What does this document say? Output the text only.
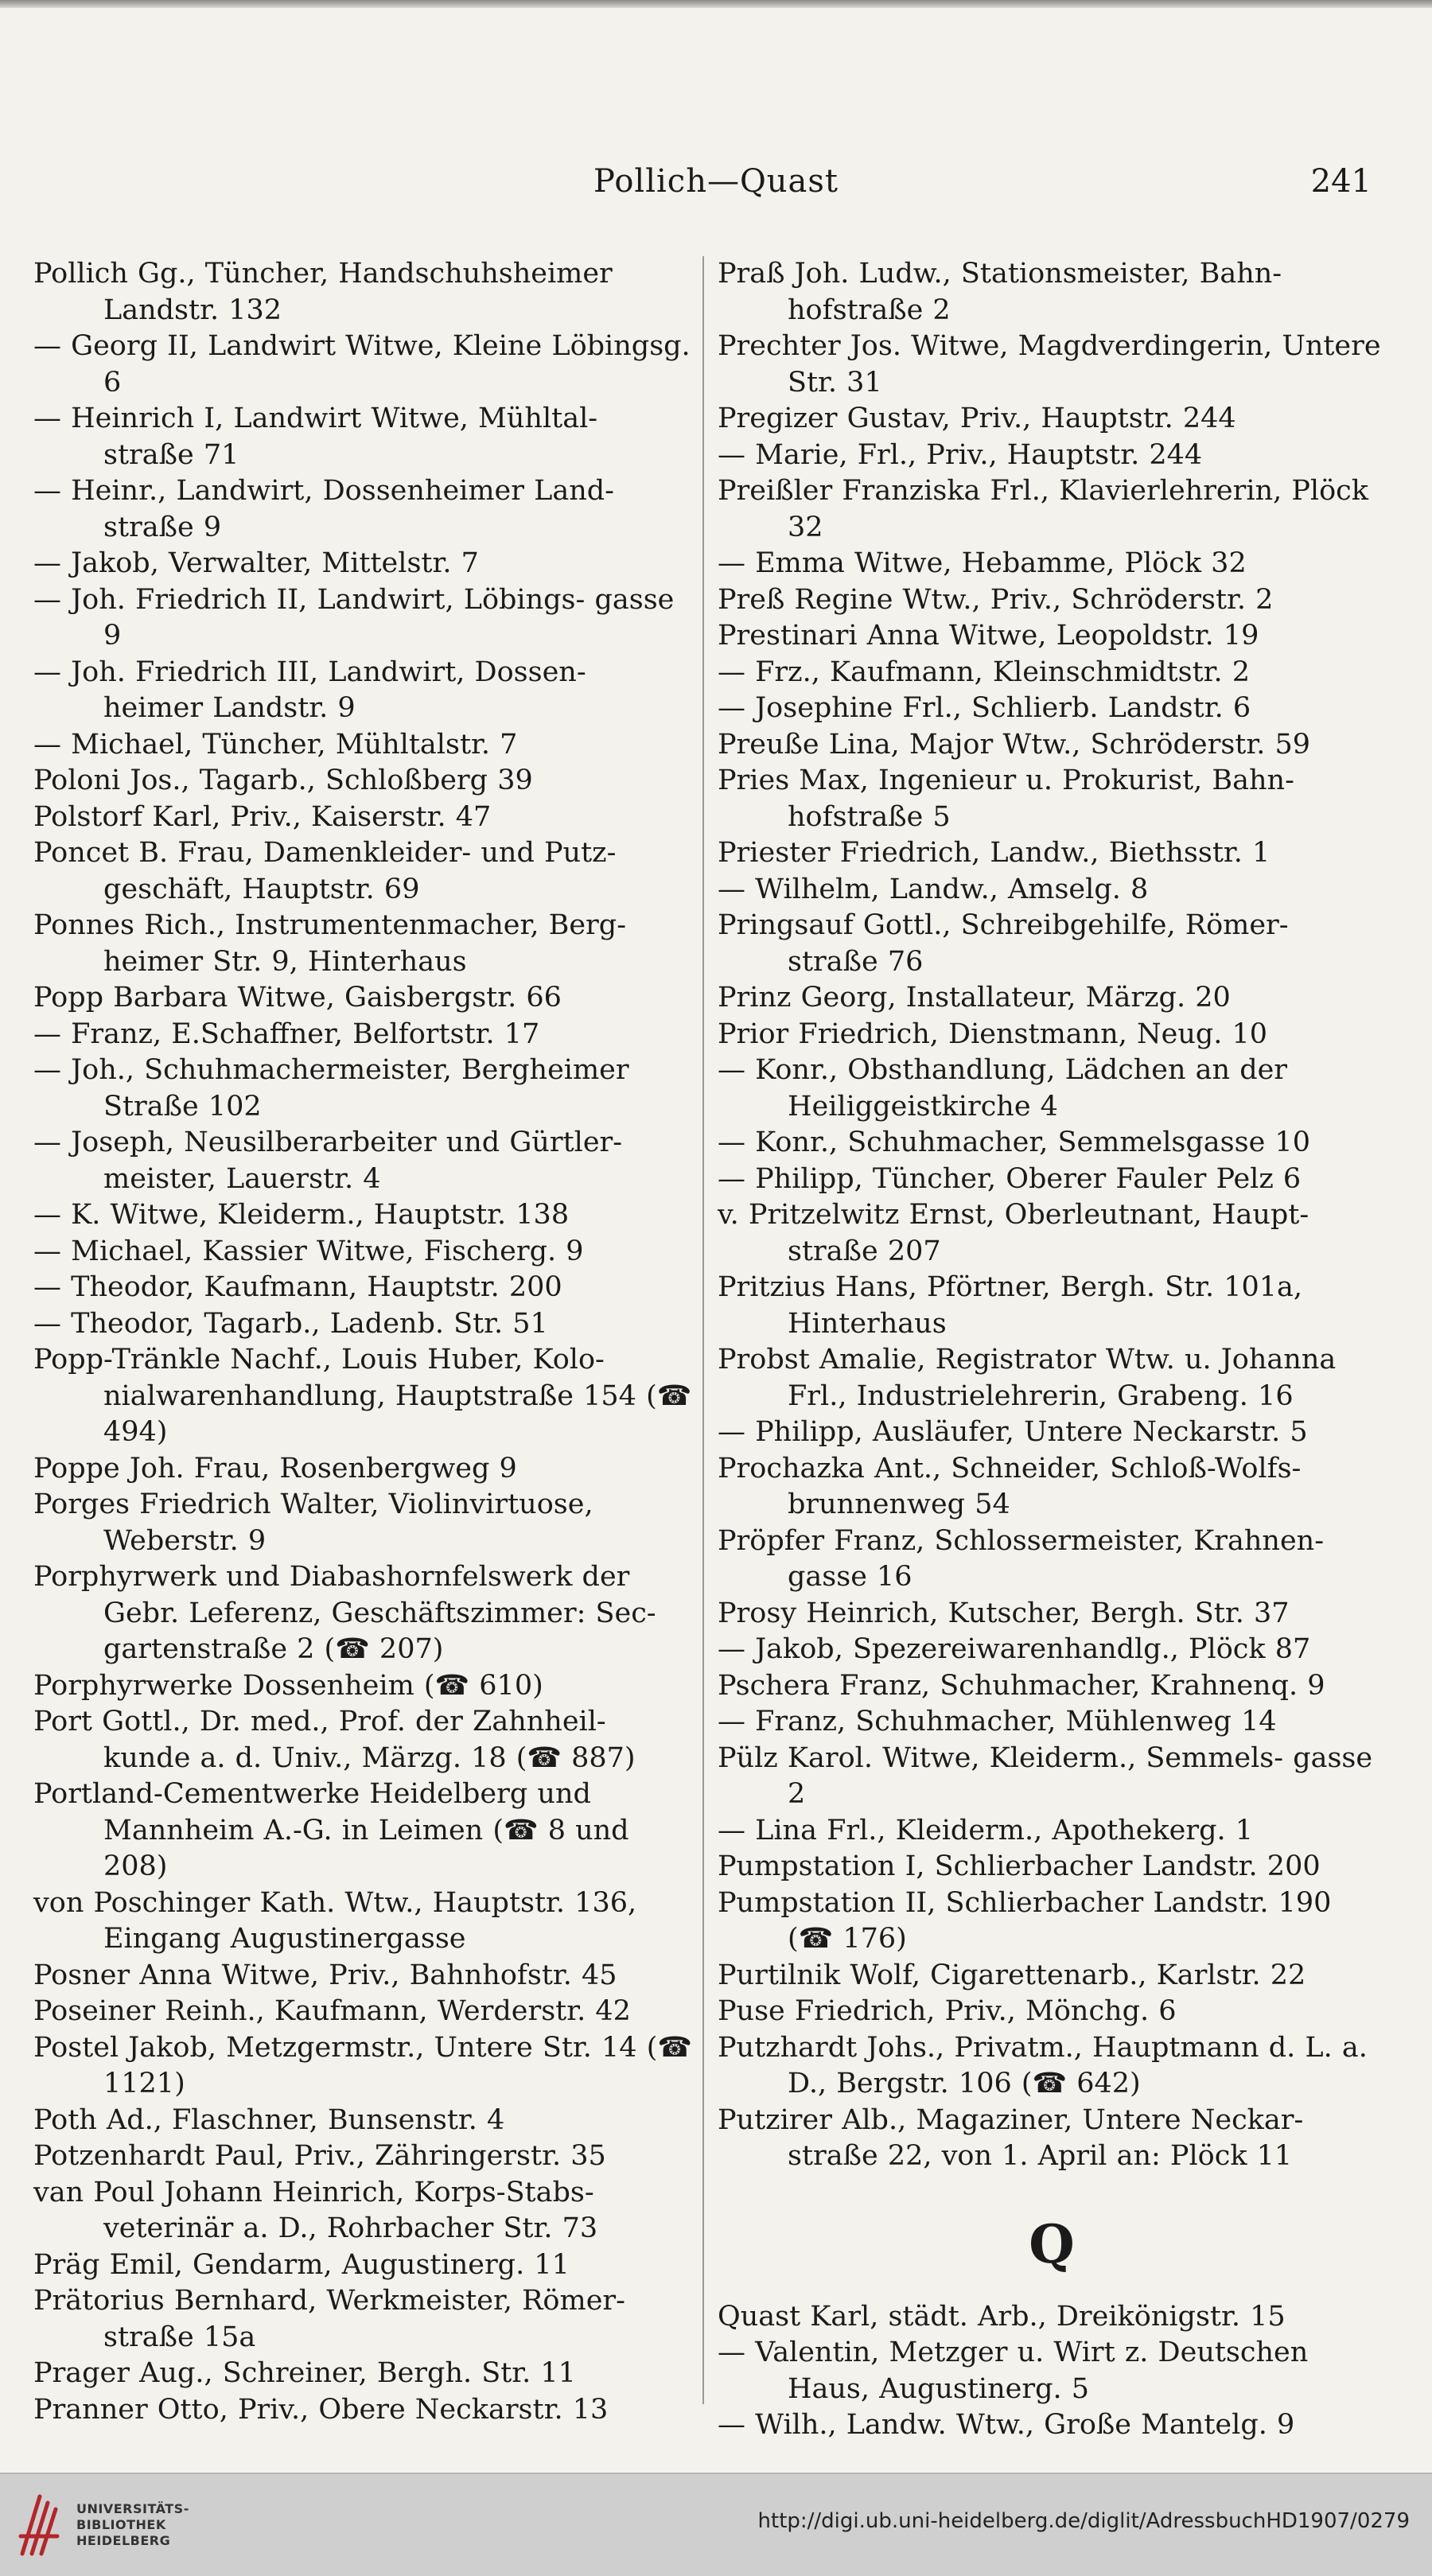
Pollich—Quast	241
Pollich Gg., Tüncher, Handschuhsheimer Landstr. 132
— Georg II, Landwirt Witwe, Kleine Löbingsg. 6
— Heinrich I, Landwirt Witwe, Mühltal- straße 71
— Heinr., Landwirt, Dossenheimer Land- straße 9
— Jakob, Verwalter, Mittelstr. 7
— Joh. Friedrich II, Landwirt, Löbings- gasse 9
— Joh. Friedrich III, Landwirt, Dossen- heimer Landstr. 9
— Michael, Tüncher, Mühltalstr. 7
Poloni Jos., Tagarb., Schloßberg 39
Polstorf Karl, Priv., Kaiserstr. 47
Poncet B. Frau, Damenkleider- und Putz- geschäft, Hauptstr. 69
Ponnes Rich., Instrumentenmacher, Berg- heimer Str. 9, Hinterhaus
Popp Barbara Witwe, Gaisbergstr. 66
— Franz, E.Schaffner, Belfortstr. 17
— Joh., Schuhmachermeister, Bergheimer Straße 102
— Joseph, Neusilberarbeiter und Gürtler- meister, Lauerstr. 4
— K. Witwe, Kleiderm., Hauptstr. 138
— Michael, Kassier Witwe, Fischerg. 9
— Theodor, Kaufmann, Hauptstr. 200
— Theodor, Tagarb., Ladenb. Str. 51
Popp-Tränkle Nachf., Louis Huber, Kolo- nialwarenhandlung, Hauptstraße 154 (☎ 494)
Poppe Joh. Frau, Rosenbergweg 9
Porges Friedrich Walter, Violinvirtuose, Weberstr. 9
Porphyrwerk und Diabashornfelswerk der Gebr. Leferenz, Geschäftszimmer: Sec- gartenstraße 2 (☎ 207)
Porphyrwerke Dossenheim (☎ 610)
Port Gottl., Dr. med., Prof. der Zahnheil- kunde a. d. Univ., Märzg. 18 (☎ 887)
Portland-Cementwerke Heidelberg und Mannheim A.-G. in Leimen (☎ 8 und 208)
von Poschinger Kath. Wtw., Hauptstr. 136, Eingang Augustinergasse
Posner Anna Witwe, Priv., Bahnhofstr. 45
Poseiner Reinh., Kaufmann, Werderstr. 42
Postel Jakob, Metzgermstr., Untere Str. 14 (☎ 1121)
Poth Ad., Flaschner, Bunsenstr. 4
Potzenhardt Paul, Priv., Zähringerstr. 35
van Poul Johann Heinrich, Korps-Stabs- veterinär a. D., Rohrbacher Str. 73
Präg Emil, Gendarm, Augustinerg. 11
Prätorius Bernhard, Werkmeister, Römer- straße 15a
Prager Aug., Schreiner, Bergh. Str. 11
Pranner Otto, Priv., Obere Neckarstr. 13
Praß Joh. Ludw., Stationsmeister, Bahn- hofstraße 2
Prechter Jos. Witwe, Magdverdingerin, Untere Str. 31
Pregizer Gustav, Priv., Hauptstr. 244
— Marie, Frl., Priv., Hauptstr. 244
Preißler Franziska Frl., Klavierlehrerin, Plöck 32
— Emma Witwe, Hebamme, Plöck 32
Preß Regine Wtw., Priv., Schröderstr. 2
Prestinari Anna Witwe, Leopoldstr. 19
— Frz., Kaufmann, Kleinschmidtstr. 2
— Josephine Frl., Schlierb. Landstr. 6
Preuße Lina, Major Wtw., Schröderstr. 59
Pries Max, Ingenieur u. Prokurist, Bahn- hofstraße 5
Priester Friedrich, Landw., Biethsstr. 1
— Wilhelm, Landw., Amselg. 8
Pringsauf Gottl., Schreibgehilfe, Römer- straße 76
Prinz Georg, Installateur, Märzg. 20
Prior Friedrich, Dienstmann, Neug. 10
— Konr., Obsthandlung, Lädchen an der Heiliggeistkirche 4
— Konr., Schuhmacher, Semmelsgasse 10
— Philipp, Tüncher, Oberer Fauler Pelz 6
v. Pritzelwitz Ernst, Oberleutnant, Haupt- straße 207
Pritzius Hans, Pförtner, Bergh. Str. 101a, Hinterhaus
Probst Amalie, Registrator Wtw. u. Johanna Frl., Industrielehrerin, Grabeng. 16
— Philipp, Ausläufer, Untere Neckarstr. 5
Prochazka Ant., Schneider, Schloß-Wolfs- brunnenweg 54
Pröpfer Franz, Schlossermeister, Krahnen- gasse 16
Prosy Heinrich, Kutscher, Bergh. Str. 37
— Jakob, Spezereiwarenhandlg., Plöck 87
Pschera Franz, Schuhmacher, Krahnenq. 9
— Franz, Schuhmacher, Mühlenweg 14
Pülz Karol. Witwe, Kleiderm., Semmels- gasse 2
— Lina Frl., Kleiderm., Apothekerg. 1
Pumpstation I, Schlierbacher Landstr. 200
Pumpstation II, Schlierbacher Landstr. 190 (☎ 176)
Purtilnik Wolf, Cigarettenarb., Karlstr. 22
Puse Friedrich, Priv., Mönchg. 6
Putzhardt Johs., Privatm., Hauptmann d. L. a. D., Bergstr. 106 (☎ 642)
Putzirer Alb., Magaziner, Untere Neckar- straße 22, von 1. April an: Plöck 11
Q
Quast Karl, städt. Arb., Dreikönigstr. 15
— Valentin, Metzger u. Wirt z. Deutschen Haus, Augustinerg. 5
— Wilh., Landw. Wtw., Große Mantelg. 9
UNIVERSITÄTS-
BIBLIOTHEK
HEIDELBERG
http://digi.ub.uni-heidelberg.de/diglit/AdressbuchHD1907/0279
